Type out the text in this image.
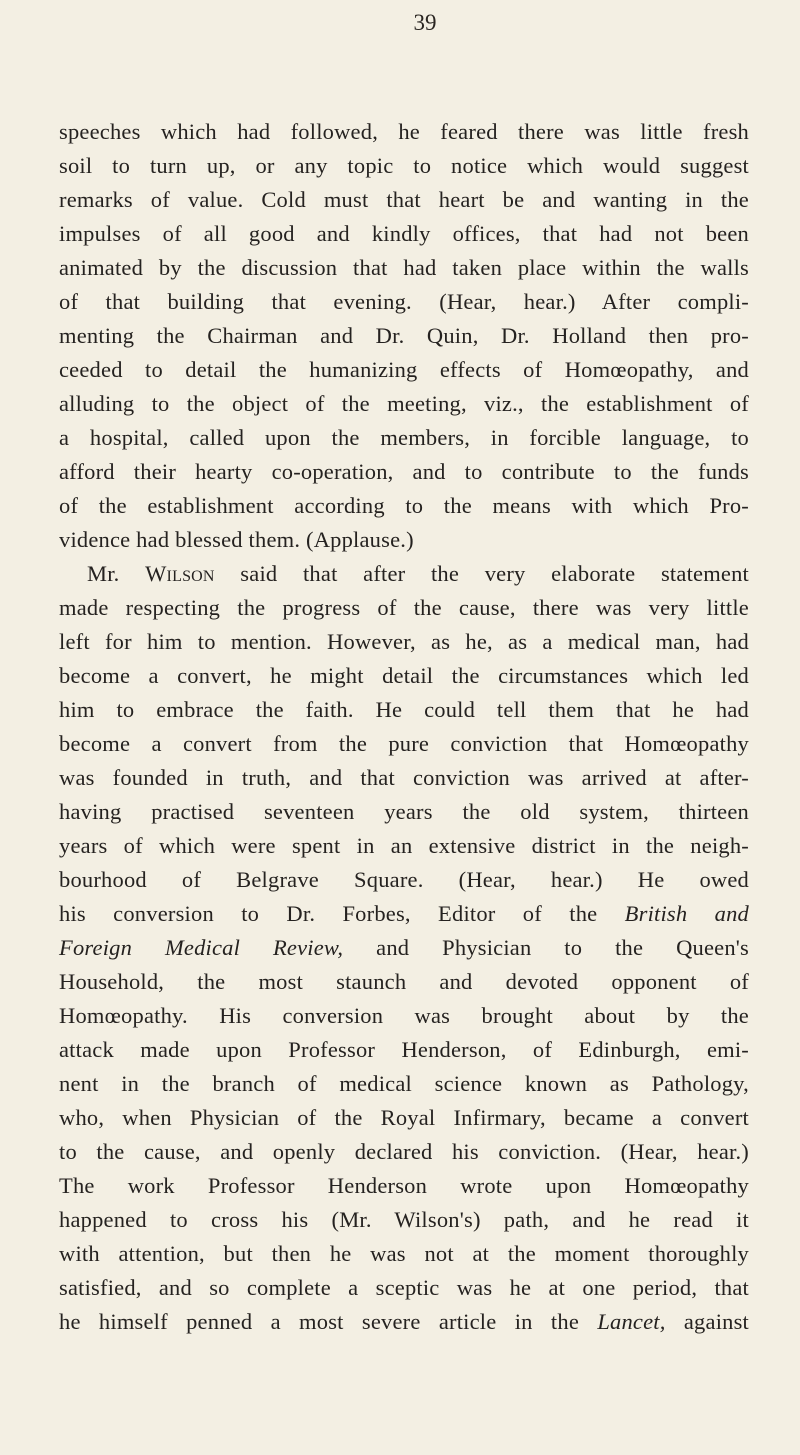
39
speeches which had followed, he feared there was little fresh
soil to turn up, or any topic to notice which would suggest
remarks of value. Cold must that heart be and wanting in the
impulses of all good and kindly offices, that had not been
animated by the discussion that had taken place within the walls
of that building that evening. (Hear, hear.) After compli-
menting the Chairman and Dr. Quin, Dr. Holland then pro-
ceeded to detail the humanizing effects of Homœopathy, and
alluding to the object of the meeting, viz., the establishment of
a hospital, called upon the members, in forcible language, to
afford their hearty co-operation, and to contribute to the funds
of the establishment according to the means with which Pro-
vidence had blessed them. (Applause.)
Mr. Wilson said that after the very elaborate statement
made respecting the progress of the cause, there was very little
left for him to mention. However, as he, as a medical man, had
become a convert, he might detail the circumstances which led
him to embrace the faith. He could tell them that he had
become a convert from the pure conviction that Homœopathy
was founded in truth, and that conviction was arrived at after-
having practised seventeen years the old system, thirteen
years of which were spent in an extensive district in the neigh-
bourhood of Belgrave Square. (Hear, hear.) He owed
his conversion to Dr. Forbes, Editor of the British and
Foreign Medical Review, and Physician to the Queen's
Household, the most staunch and devoted opponent of
Homœopathy. His conversion was brought about by the
attack made upon Professor Henderson, of Edinburgh, emi-
nent in the branch of medical science known as Pathology,
who, when Physician of the Royal Infirmary, became a convert
to the cause, and openly declared his conviction. (Hear, hear.)
The work Professor Henderson wrote upon Homœopathy
happened to cross his (Mr. Wilson's) path, and he read it
with attention, but then he was not at the moment thoroughly
satisfied, and so complete a sceptic was he at one period, that
he himself penned a most severe article in the Lancet, against
